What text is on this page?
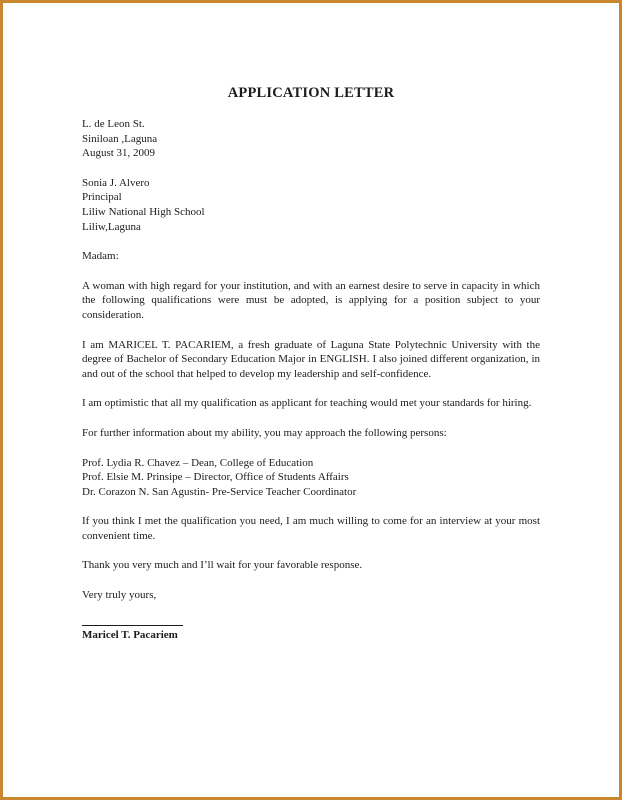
APPLICATION LETTER
L. de Leon St.
Siniloan ,Laguna
August 31, 2009
Sonia J. Alvero
Principal
Liliw National High School
Liliw,Laguna
Madam:

A woman with high regard for your institution, and with an earnest desire to serve in capacity in which the following qualifications were must be adopted, is applying for a position subject to your consideration.

I am MARICEL T. PACARIEM, a fresh graduate of Laguna State Polytechnic University with the degree of Bachelor of Secondary Education Major in ENGLISH. I also joined different organization, in and out of the school that helped to develop my leadership and self-confidence.

I am optimistic that all my qualification as applicant for teaching would met your standards for hiring.

For further information about my ability, you may approach the following persons:

Prof. Lydia R. Chavez – Dean, College of Education
Prof. Elsie M. Prinsipe – Director, Office of Students Affairs
Dr. Corazon N. San Agustin- Pre-Service Teacher Coordinator

If you think I met the qualification you need, I am much willing to come for an interview at your most convenient time.

Thank you very much and I’ll wait for your favorable response.

Very truly yours,
Maricel T. Pacariem
